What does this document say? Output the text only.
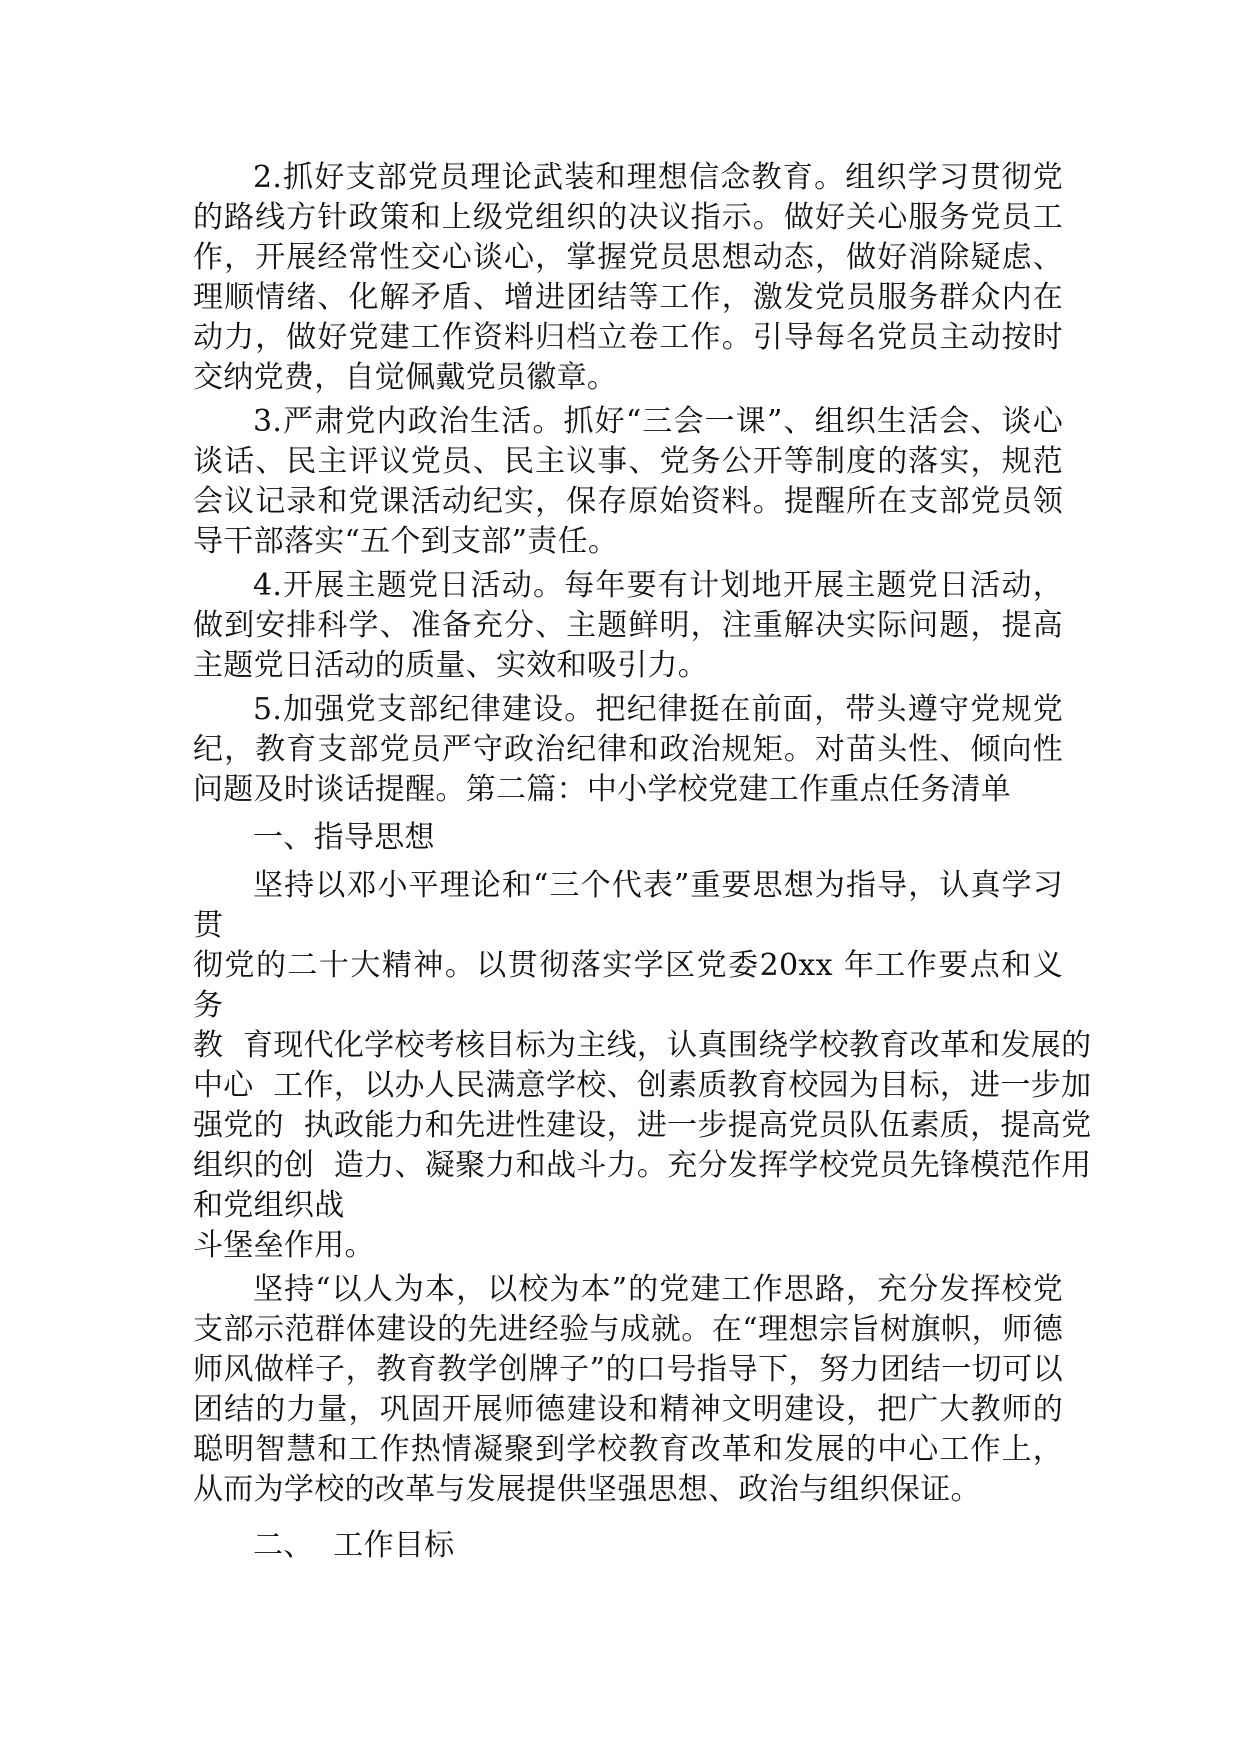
2.抓好支部党员理论武装和理想信念教育。组织学习贯彻党的路线方针政策和上级党组织的决议指示。做好关心服务党员工作，开展经常性交心谈心，掌握党员思想动态，做好消除疑虑、理顺情绪、化解矛盾、增进团结等工作，激发党员服务群众内在动力，做好党建工作资料归档立卷工作。引导每名党员主动按时交纳党费，自觉佩戴党员徽章。

3.严肃党内政治生活。抓好“三会一课”、组织生活会、谈心谈话、民主评议党员、民主议事、党务公开等制度的落实，规范会议记录和党课活动纪实，保存原始资料。提醒所在支部党员领导干部落实“五个到支部”责任。

4.开展主题党日活动。每年要有计划地开展主题党日活动，做到安排科学、准备充分、主题鲜明，注重解决实际问题，提高主题党日活动的质量、实效和吸引力。

5.加强党支部纪律建设。把纪律挺在前面，带头遵守党规党纪，教育支部党员严守政治纪律和政治规矩。对苗头性、倾向性问题及时谈话提醒。第二篇：中小学校党建工作重点任务清单

一、指导思想

坚持以邓小平理论和“三个代表”重要思想为指导，认真学习贯
彻党的二十大精神。以贯彻落实学区党委20xx 年工作要点和义务
教  育现代化学校考核目标为主线，认真围绕学校教育改革和发展的
中心  工作，以办人民满意学校、创素质教育校园为目标，进一步加
强党的  执政能力和先进性建设，进一步提高党员队伍素质，提高党
组织的创  造力、凝聚力和战斗力。充分发挥学校党员先锋模范作用
和党组织战
斗堡垒作用。

坚持“以人为本，以校为本”的党建工作思路，充分发挥校党支部示范群体建设的先进经验与成就。在“理想宗旨树旗帜，师德师风做样子，教育教学创牌子”的口号指导下，努力团结一切可以团结的力量，巩固开展师德建设和精神文明建设，把广大教师的聪明智慧和工作热情凝聚到学校教育改革和发展的中心工作上，从而为学校的改革与发展提供坚强思想、政治与组织保证。

二、  工作目标
